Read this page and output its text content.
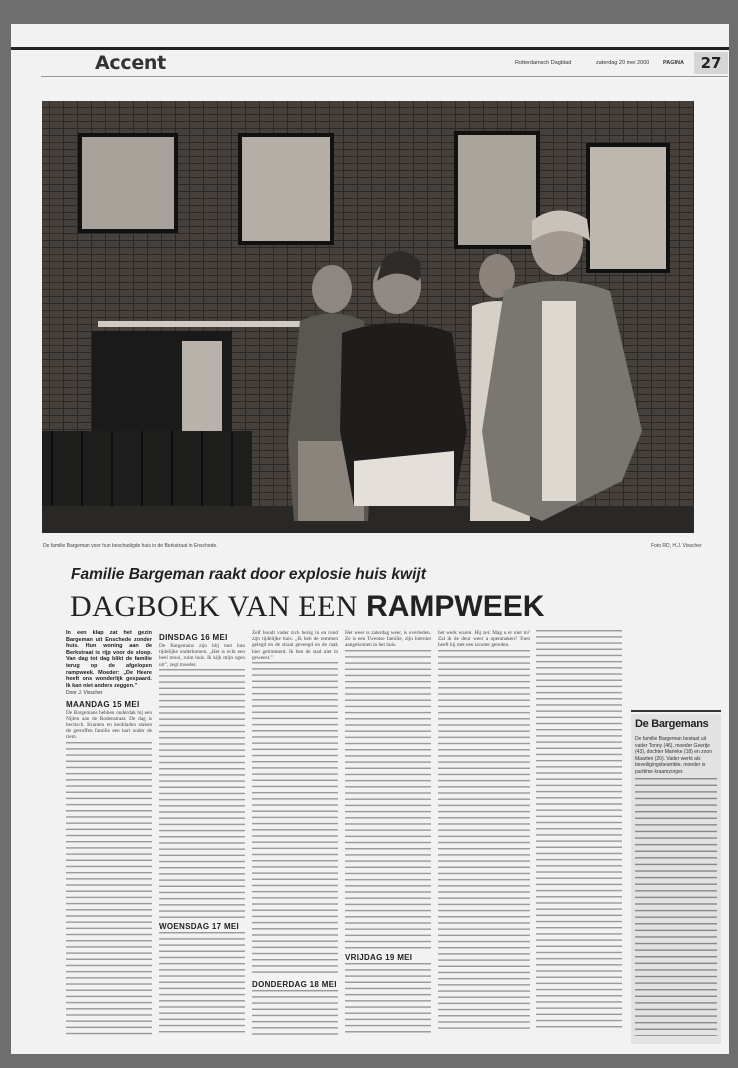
Accent	Rotterdamsch Dagblad	zaterdag 20 mei 2000	PAGINA	27
De familie Bargeman voor hun beschadigde huis in de Berkstraat in Enschede.	Foto RD, H.J. Visscher
Familie Bargeman raakt door explosie huis kwijt
DAGBOEK VAN EEN RAMPWEEK

In een klap zat het gezin Bargeman uit Enschede zonder huis. Hun woning aan de Berkstraat is rijp voor de sloop. Van dag tot dag blikt de familie terug op de afgelopen rampweek. Moeder: „De Heere heeft ons wonderlijk gespaard. Ik kan niet anders zeggen.”

Door J. Visscher

MAANDAG 15 MEI

De Bargemans hebben onderdak bij een Nijlen aan de Rodenstraat. De dag is hectisch. Kranten en kenbladen staken de getroffen familie een hart onder de riem.

DINSDAG 16 MEI

De Bargemans zijn blij met hun tijdelijke onderkomen. „Het is echt een heel mooi, ruim huis. Ik kijk mijn ogen uit”, zegt moeder.

WOENSDAG 17 MEI

Zelf houdt vader zich bezig in en rond zijn tijdelijke huis. „Ik heb de remmen gelegd en de straat geveegd en de raak hier getimmerd. Ik ben de stad niet in geweest.”

DONDERDAG 18 MEI

Het weer is zaterdag weer, is overleden. Ze is een Twentse familie, zijn hierniet aangekomen in het huis.

VRIJDAG 19 MEI

het werk waren. Hij zei: Mag u er niet in? Zal ik de deur weer a openmaken? Toen heeft hij met een scooter gereden.

De Bargemans
De familie Bargeman bestaat uit vader Tonny (46), moeder Geertje (43), dochter Marieke (18) en zoon Maarten (20). Vader werkt als beveiligingsbeambte, moeder is parttime kraamzorger.
